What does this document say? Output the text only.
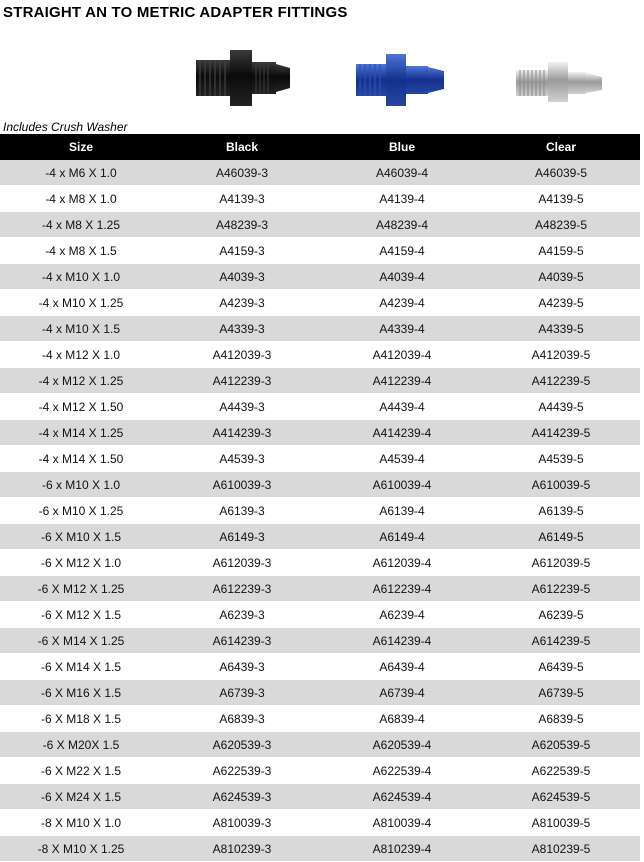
STRAIGHT AN TO METRIC ADAPTER FITTINGS
Includes Crush Washer
Size	Black	Blue	Clear
-4 x M6 X 1.0	A46039-3	A46039-4	A46039-5
-4 x M8 X 1.0	A4139-3	A4139-4	A4139-5
-4 x M8 X 1.25	A48239-3	A48239-4	A48239-5
-4 x M8 X 1.5	A4159-3	A4159-4	A4159-5
-4 x M10 X 1.0	A4039-3	A4039-4	A4039-5
-4 x M10 X 1.25	A4239-3	A4239-4	A4239-5
-4 x M10 X 1.5	A4339-3	A4339-4	A4339-5
-4 x M12 X 1.0	A412039-3	A412039-4	A412039-5
-4 x M12 X 1.25	A412239-3	A412239-4	A412239-5
-4 x M12 X 1.50	A4439-3	A4439-4	A4439-5
-4 x M14 X 1.25	A414239-3	A414239-4	A414239-5
-4 x M14 X 1.50	A4539-3	A4539-4	A4539-5
-6 x M10 X 1.0	A610039-3	A610039-4	A610039-5
-6 x M10 X 1.25	A6139-3	A6139-4	A6139-5
-6 X M10 X 1.5	A6149-3	A6149-4	A6149-5
-6 X M12 X 1.0	A612039-3	A612039-4	A612039-5
-6 X M12 X 1.25	A612239-3	A612239-4	A612239-5
-6 X M12 X 1.5	A6239-3	A6239-4	A6239-5
-6 X M14 X 1.25	A614239-3	A614239-4	A614239-5
-6 X M14 X 1.5	A6439-3	A6439-4	A6439-5
-6 X M16 X 1.5	A6739-3	A6739-4	A6739-5
-6 X M18 X 1.5	A6839-3	A6839-4	A6839-5
-6 X M20X 1.5	A620539-3	A620539-4	A620539-5
-6 X M22 X 1.5	A622539-3	A622539-4	A622539-5
-6 X M24 X 1.5	A624539-3	A624539-4	A624539-5
-8 X M10 X 1.0	A810039-3	A810039-4	A810039-5
-8 X M10 X 1.25	A810239-3	A810239-4	A810239-5
